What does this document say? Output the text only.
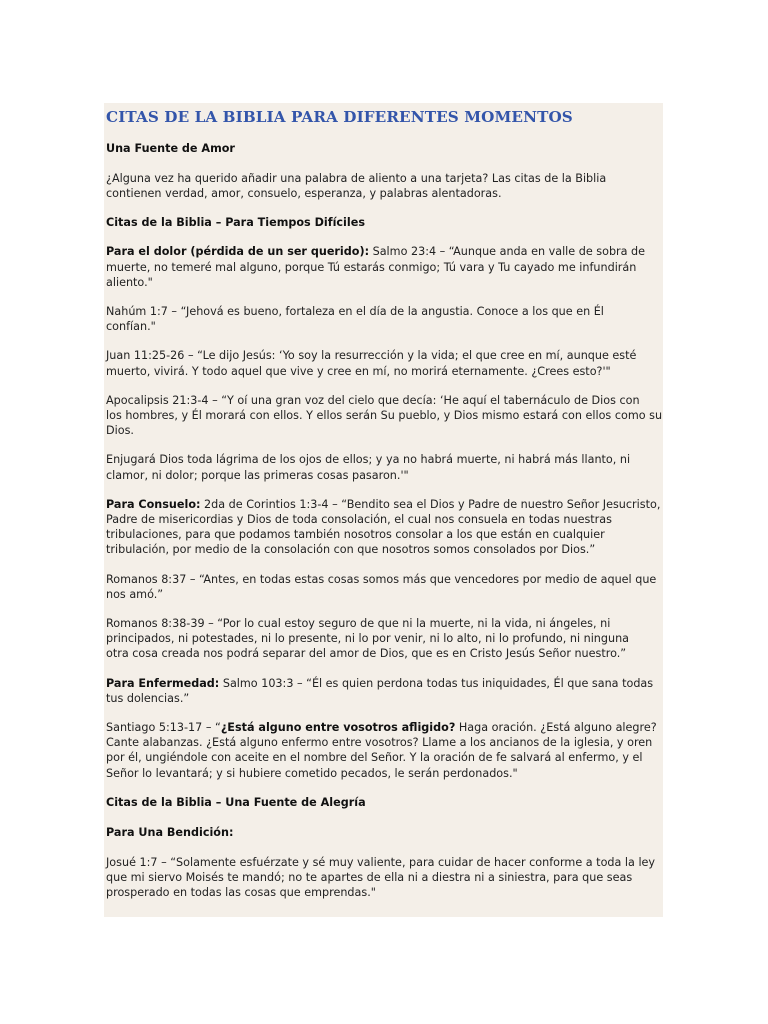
CITAS DE LA BIBLIA PARA DIFERENTES MOMENTOS

Una Fuente de Amor

¿Alguna vez ha querido añadir una palabra de aliento a una tarjeta? Las citas de la Biblia
contienen verdad, amor, consuelo, esperanza, y palabras alentadoras.

Citas de la Biblia – Para Tiempos Difíciles

Para el dolor (pérdida de un ser querido): Salmo 23:4 – “Aunque anda en valle de sobra de
muerte, no temeré mal alguno, porque Tú estarás conmigo; Tú vara y Tu cayado me infundirán
aliento."

Nahúm 1:7 – “Jehová es bueno, fortaleza en el día de la angustia. Conoce a los que en Él
confían."

Juan 11:25-26 – “Le dijo Jesús: ‘Yo soy la resurrección y la vida; el que cree en mí, aunque esté
muerto, vivirá. Y todo aquel que vive y cree en mí, no morirá eternamente. ¿Crees esto?'"

Apocalipsis 21:3-4 – “Y oí una gran voz del cielo que decía: ‘He aquí el tabernáculo de Dios con
los hombres, y Él morará con ellos. Y ellos serán Su pueblo, y Dios mismo estará con ellos como su
Dios.

Enjugará Dios toda lágrima de los ojos de ellos; y ya no habrá muerte, ni habrá más llanto, ni
clamor, ni dolor; porque las primeras cosas pasaron.'"

Para Consuelo: 2da de Corintios 1:3-4 – “Bendito sea el Dios y Padre de nuestro Señor Jesucristo,
Padre de misericordias y Dios de toda consolación, el cual nos consuela en todas nuestras
tribulaciones, para que podamos también nosotros consolar a los que están en cualquier
tribulación, por medio de la consolación con que nosotros somos consolados por Dios.”

Romanos 8:37 – “Antes, en todas estas cosas somos más que vencedores por medio de aquel que
nos amó.”

Romanos 8:38-39 – “Por lo cual estoy seguro de que ni la muerte, ni la vida, ni ángeles, ni
principados, ni potestades, ni lo presente, ni lo por venir, ni lo alto, ni lo profundo, ni ninguna
otra cosa creada nos podrá separar del amor de Dios, que es en Cristo Jesús Señor nuestro.”

Para Enfermedad: Salmo 103:3 – “Él es quien perdona todas tus iniquidades, Él que sana todas
tus dolencias.”

Santiago 5:13-17 – “¿Está alguno entre vosotros afligido? Haga oración. ¿Está alguno alegre?
Cante alabanzas. ¿Está alguno enfermo entre vosotros? Llame a los ancianos de la iglesia, y oren
por él, ungiéndole con aceite en el nombre del Señor. Y la oración de fe salvará al enfermo, y el
Señor lo levantará; y si hubiere cometido pecados, le serán perdonados."

Citas de la Biblia – Una Fuente de Alegría

Para Una Bendición:

Josué 1:7 – “Solamente esfuérzate y sé muy valiente, para cuidar de hacer conforme a toda la ley
que mi siervo Moisés te mandó; no te apartes de ella ni a diestra ni a siniestra, para que seas
prosperado en todas las cosas que emprendas."
